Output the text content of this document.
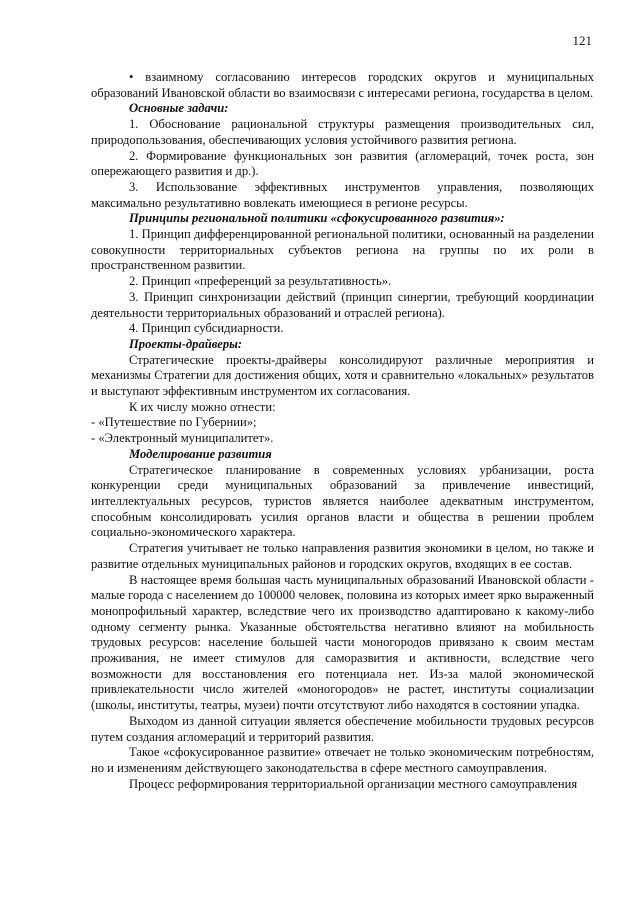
121

• взаимному согласованию интересов городских округов и муниципальных образований Ивановской области во взаимосвязи с интересами региона, государства в целом.

Основные задачи:

1. Обоснование рациональной структуры размещения производительных сил, природопользования, обеспечивающих условия устойчивого развития региона.

2. Формирование функциональных зон развития (агломераций, точек роста, зон опережающего развития и др.).

3. Использование эффективных инструментов управления, позволяющих максимально результативно вовлекать имеющиеся в регионе ресурсы.

Принципы региональной политики «сфокусированного развития»:

1. Принцип дифференцированной региональной политики, основанный на разделении совокупности территориальных субъектов региона на группы по их роли в пространственном развитии.

2. Принцип «преференций за результативность».

3. Принцип синхронизации действий (принцип синергии, требующий координации деятельности территориальных образований и отраслей региона).

4. Принцип субсидиарности.

Проекты-драйверы:

Стратегические проекты-драйверы консолидируют различные мероприятия и механизмы Стратегии для достижения общих, хотя и сравнительно «локальных» результатов и выступают эффективным инструментом их согласования.

К их числу можно отнести:

- «Путешествие по Губернии»;

- «Электронный муниципалитет».

Моделирование развития

Стратегическое планирование в современных условиях урбанизации, роста конкуренции среди муниципальных образований за привлечение инвестиций, интеллектуальных ресурсов, туристов является наиболее адекватным инструментом, способным консолидировать усилия органов власти и общества в решении проблем социально-экономического характера.

Стратегия учитывает не только направления развития экономики в целом, но также и развитие отдельных муниципальных районов и городских округов, входящих в ее состав.

В настоящее время большая часть муниципальных образований Ивановской области - малые города с населением до 100000 человек, половина из которых имеет ярко выраженный монопрофильный характер, вследствие чего их производство адаптировано к какому-либо одному сегменту рынка. Указанные обстоятельства негативно влияют на мобильность трудовых ресурсов: население большей части моногородов привязано к своим местам проживания, не имеет стимулов для саморазвития и активности, вследствие чего возможности для восстановления его потенциала нет. Из-за малой экономической привлекательности число жителей «моногородов» не растет, институты социализации (школы, институты, театры, музеи) почти отсутствуют либо находятся в состоянии упадка.

Выходом из данной ситуации является обеспечение мобильности трудовых ресурсов путем создания агломераций и территорий развития.

Такое «сфокусированное развитие» отвечает не только экономическим потребностям, но и изменениям действующего законодательства в сфере местного самоуправления.

Процесс реформирования территориальной организации местного самоуправления
